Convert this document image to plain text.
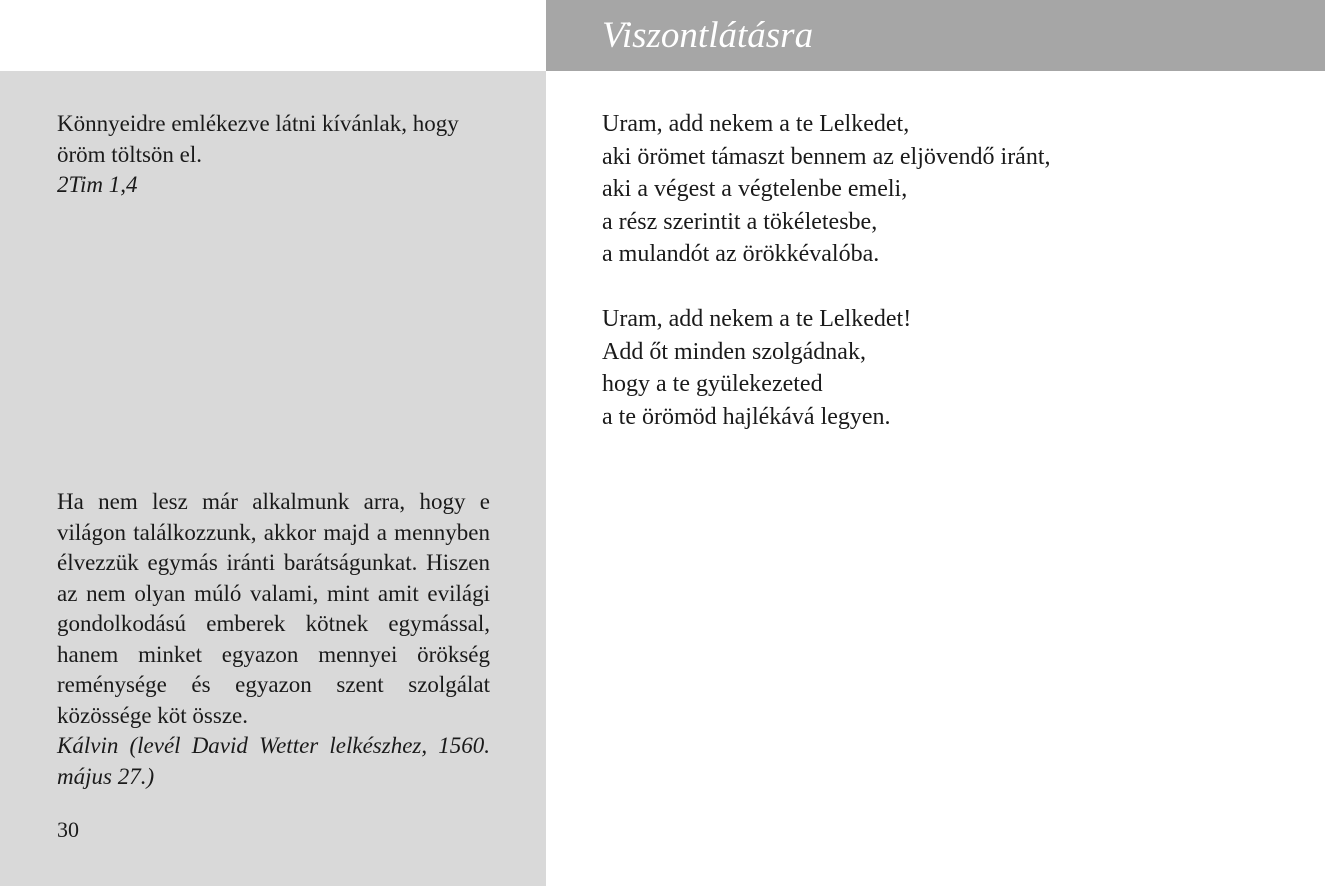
Viszontlátásra

Könnyeidre emlékezve látni kívánlak, hogy öröm töltsön el.

2Tim 1,4

Ha nem lesz már alkalmunk arra, hogy e világon találkozzunk, akkor majd a mennyben élvezzük egymás iránti barátságunkat. Hiszen az nem olyan múló valami, mint amit evilági gondolkodású emberek kötnek egymással, hanem minket egyazon mennyei örökség reménysége és egyazon szent szolgálat közössége köt össze.

Kálvin (levél David Wetter lelkészhez, 1560. május 27.)

30

Uram, add nekem a te Lelkedet,
aki örömet támaszt bennem az eljövendő iránt,
aki a végest a végtelenbe emeli,
a rész szerintit a tökéletesbe,
a mulandót az örökkévalóba.

Uram, add nekem a te Lelkedet!
Add őt minden szolgádnak,
hogy a te gyülekezeted
a te örömöd hajlékává legyen.
